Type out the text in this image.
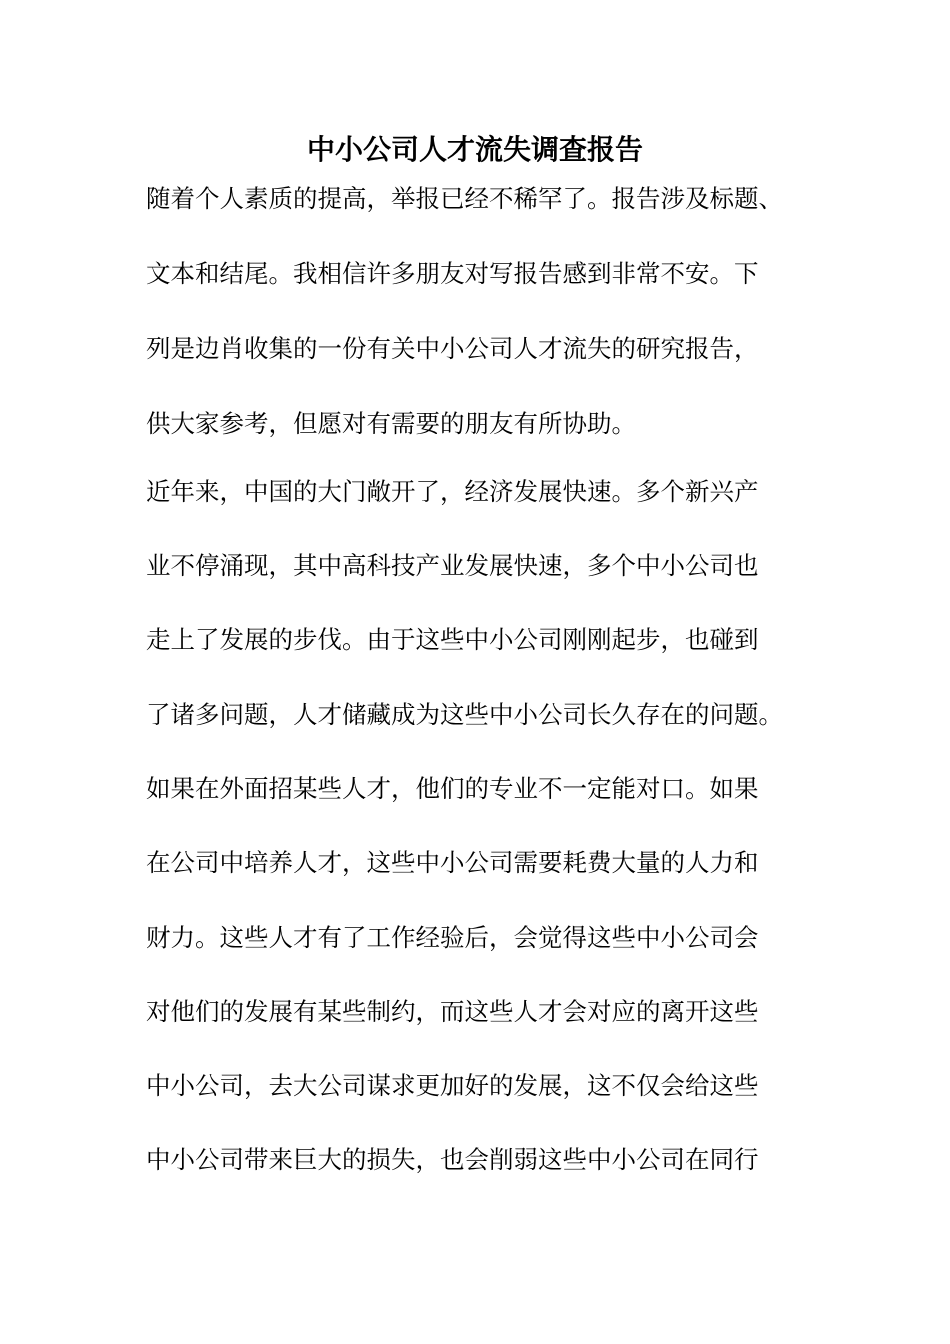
中小公司人才流失调查报告

随着个人素质的提高，举报已经不稀罕了。报告涉及标题、

文本和结尾。我相信许多朋友对写报告感到非常不安。下

列是边肖收集的一份有关中小公司人才流失的研究报告，

供大家参考，但愿对有需要的朋友有所协助。

近年来，中国的大门敞开了，经济发展快速。多个新兴产

业不停涌现，其中高科技产业发展快速，多个中小公司也

走上了发展的步伐。由于这些中小公司刚刚起步，也碰到

了诸多问题，人才储藏成为这些中小公司长久存在的问题。

如果在外面招某些人才，他们的专业不一定能对口。如果

在公司中培养人才，这些中小公司需要耗费大量的人力和

财力。这些人才有了工作经验后，会觉得这些中小公司会

对他们的发展有某些制约，而这些人才会对应的离开这些

中小公司，去大公司谋求更加好的发展，这不仅会给这些

中小公司带来巨大的损失，也会削弱这些中小公司在同行
